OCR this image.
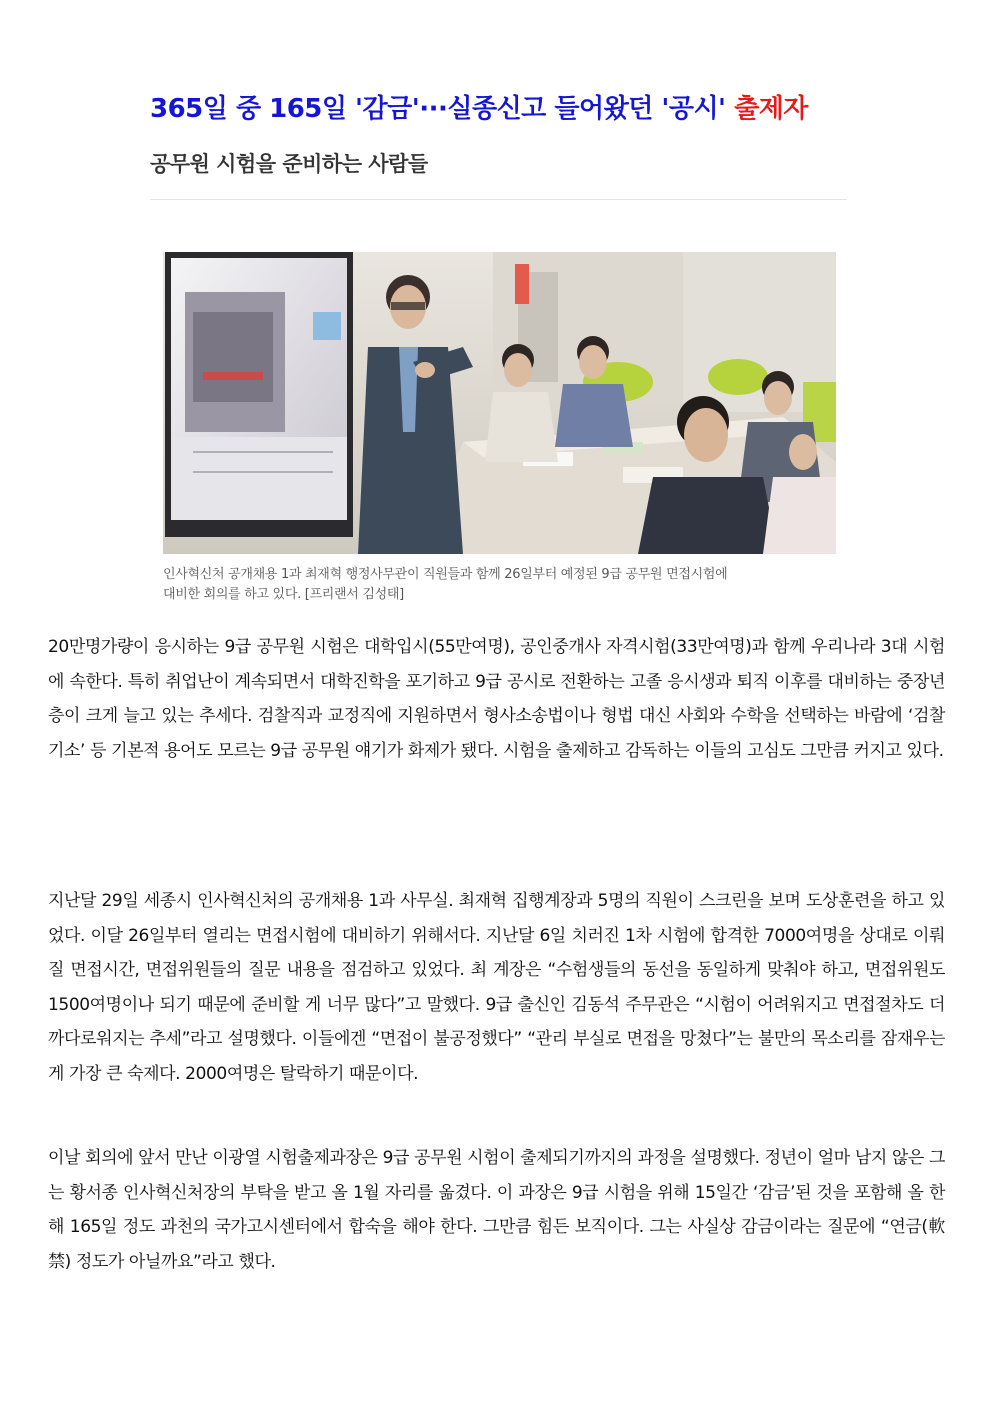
365일 중 165일 '감금'···실종신고 들어왔던 '공시' 출제자
공무원 시험을 준비하는 사람들
인사혁신처 공개채용 1과 최재혁 행정사무관이 직원들과 함께 26일부터 예정된 9급 공무원 면접시험에
대비한 회의를 하고 있다. [프리랜서 김성태]
20만명가량이 응시하는 9급 공무원 시험은 대학입시(55만여명), 공인중개사 자격시험(33만여명)과 함께 우리나라 3대 시험에 속한다. 특히 취업난이 계속되면서 대학진학을 포기하고 9급 공시로 전환하는 고졸 응시생과 퇴직 이후를 대비하는 중장년층이 크게 늘고 있는 추세다. 검찰직과 교정직에 지원하면서 형사소송법이나 형법 대신 사회와 수학을 선택하는 바람에 ‘검찰 기소’ 등 기본적 용어도 모르는 9급 공무원 얘기가 화제가 됐다. 시험을 출제하고 감독하는 이들의 고심도 그만큼 커지고 있다.
지난달 29일 세종시 인사혁신처의 공개채용 1과 사무실. 최재혁 집행계장과 5명의 직원이 스크린을 보며 도상훈련을 하고 있었다. 이달 26일부터 열리는 면접시험에 대비하기 위해서다. 지난달 6일 치러진 1차 시험에 합격한 7000여명을 상대로 이뤄질 면접시간, 면접위원들의 질문 내용을 점검하고 있었다. 최 계장은 “수험생들의 동선을 동일하게 맞춰야 하고, 면접위원도 1500여명이나 되기 때문에 준비할 게 너무 많다”고 말했다. 9급 출신인 김동석 주무관은 “시험이 어려워지고 면접절차도 더 까다로워지는 추세”라고 설명했다. 이들에겐 “면접이 불공정했다” “관리 부실로 면접을 망쳤다”는 불만의 목소리를 잠재우는 게 가장 큰 숙제다. 2000여명은 탈락하기 때문이다.
이날 회의에 앞서 만난 이광열 시험출제과장은 9급 공무원 시험이 출제되기까지의 과정을 설명했다. 정년이 얼마 남지 않은 그는 황서종 인사혁신처장의 부탁을 받고 올 1월 자리를 옮겼다. 이 과장은 9급 시험을 위해 15일간 ‘감금’된 것을 포함해 올 한해 165일 정도 과천의 국가고시센터에서 합숙을 해야 한다. 그만큼 힘든 보직이다. 그는 사실상 감금이라는 질문에 “연금(軟禁) 정도가 아닐까요”라고 했다.
